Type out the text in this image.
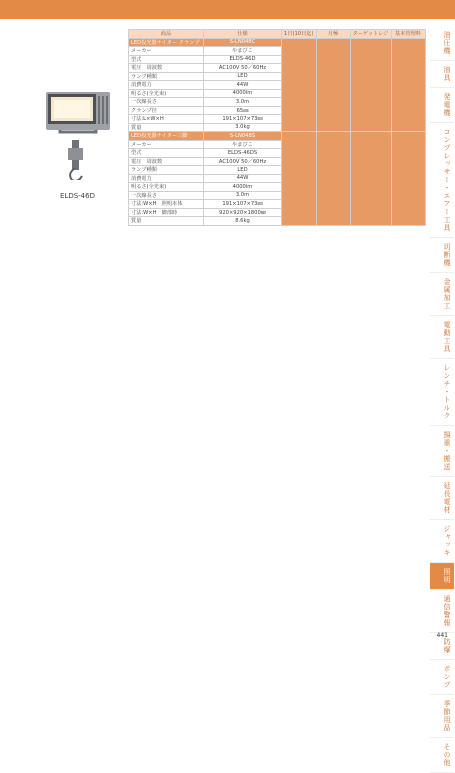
ELDS-46D
商品	仕様	1日(10日迄)	月極	ターゲットレジ	基本管理料
LED投光器ナイター クランプ	S-LN048C				
メーカー	やまびこ				
型式	ELDS-46D				
電圧　周波数	AC100V 50／60Hz				
ランプ種類	LED				
消費電力	44W				
明るさ(全光束)	4000lm				
一次線長さ	3.0m				
クランプ径	65㎜				
寸法:L×W×H	191×107×73㎜				
質量	3.0kg				
LED投光器ナイター三脚	S-LN048S				
メーカー	やまびこ				
型式	ELDS-46DS				
電圧　周波数	AC100V 50／60Hz				
ランプ種類	LED				
消費電力	44W				
明るさ(全光束)	4000lm				
一次線長さ	3.0m				
寸法:W×H　照明本体	191×107×73㎜				
寸法:W×H　脚部時	920×920×1800㎜				
質量	8.6kg				
油圧機
油具
発電機
コンプレッサー・エアー工具
切断機
金属加工
電動工具
レンチ・トルク
揚重・搬送
延長電材
ジャッキ
照明
通信警報
防爆
ポンプ
季節用品
その他
441
